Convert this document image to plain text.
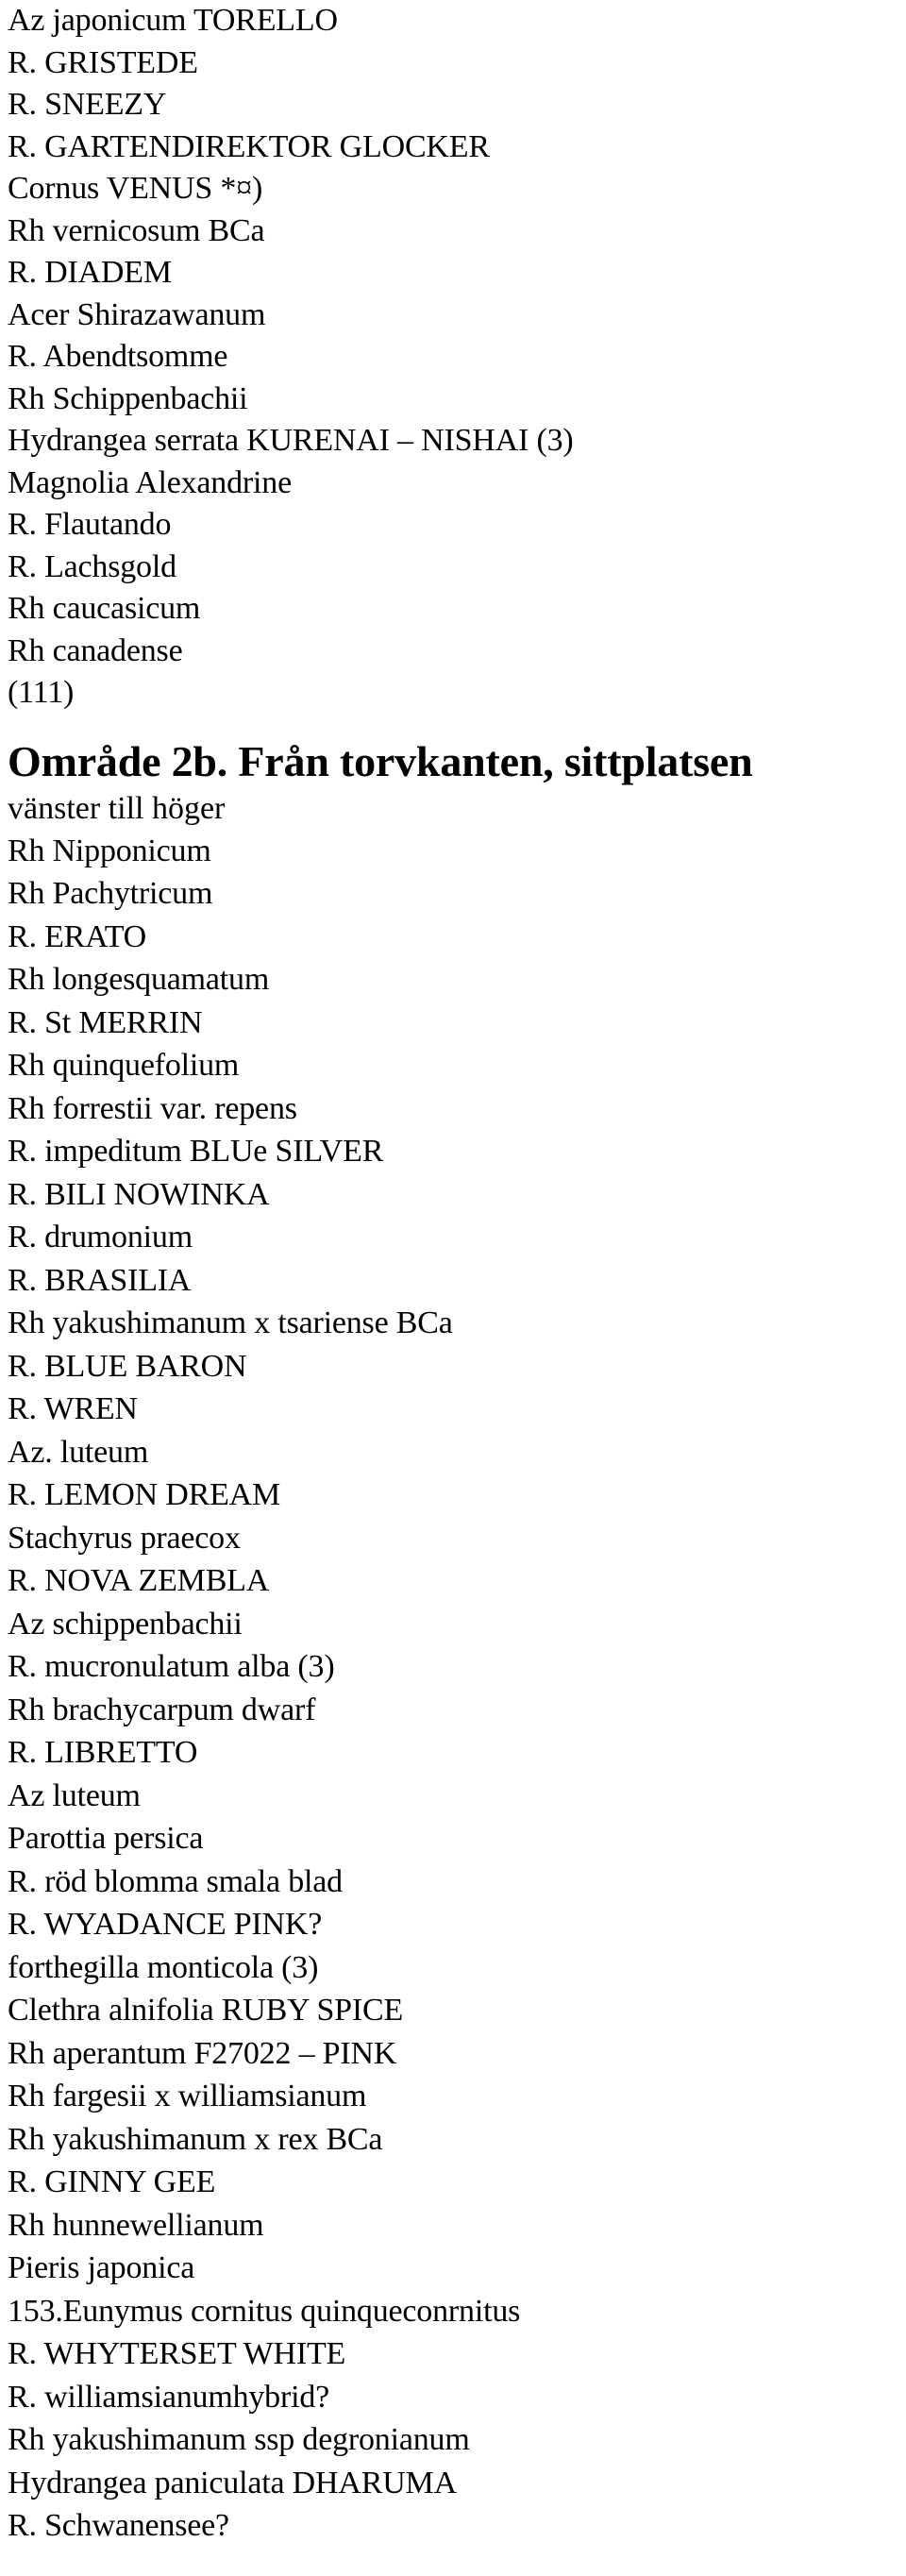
Az japonicum TORELLO
R. GRISTEDE
R. SNEEZY
R. GARTENDIREKTOR GLOCKER
Cornus VENUS *¤)
Rh vernicosum BCa
R. DIADEM
Acer Shirazawanum
R. Abendtsomme
Rh Schippenbachii
Hydrangea serrata KURENAI – NISHAI (3)
Magnolia Alexandrine
R. Flautando
R. Lachsgold
Rh caucasicum
Rh canadense
(111)
Område 2b. Från torvkanten, sittplatsen
vänster till höger
Rh Nipponicum
Rh Pachytricum
R. ERATO
Rh longesquamatum
R. St MERRIN
Rh quinquefolium
Rh forrestii var. repens
R. impeditum BLUe SILVER
R. BILI NOWINKA
R. drumonium
R. BRASILIA
Rh yakushimanum x tsariense BCa
R. BLUE BARON
R. WREN
Az. luteum
R. LEMON DREAM
Stachyrus praecox
R. NOVA ZEMBLA
Az schippenbachii
R. mucronulatum alba (3)
Rh brachycarpum dwarf
R. LIBRETTO
Az luteum
Parottia persica
R. röd blomma smala blad
R. WYADANCE PINK?
forthegilla monticola (3)
Clethra alnifolia RUBY SPICE
Rh aperantum F27022 – PINK
Rh fargesii x williamsianum
Rh yakushimanum x rex BCa
R. GINNY GEE
Rh hunnewellianum
Pieris japonica
153.Eunymus cornitus quinqueconrnitus
R. WHYTERSET WHITE
R. williamsianumhybrid?
Rh yakushimanum ssp degronianum
Hydrangea paniculata DHARUMA
R. Schwanensee?
